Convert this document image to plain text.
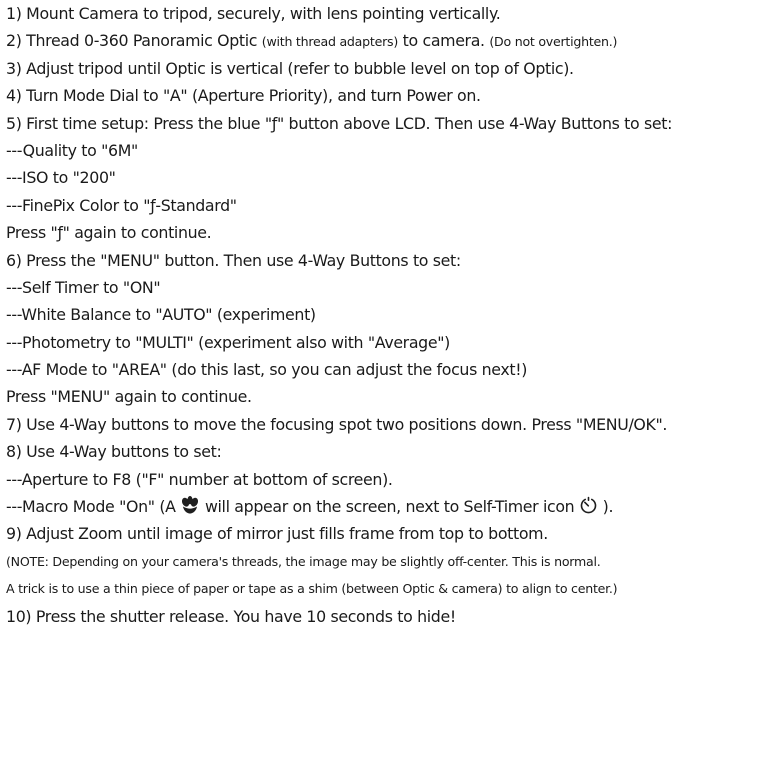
1) Mount Camera to tripod, securely, with lens pointing vertically.
2) Thread 0-360 Panoramic Optic (with thread adapters) to camera. (Do not overtighten.)
3) Adjust tripod until Optic is vertical (refer to bubble level on top of Optic).
4) Turn Mode Dial to "A" (Aperture Priority), and turn Power on.
5) First time setup: Press the blue "ƒ" button above LCD. Then use 4-Way Buttons to set:
---Quality to "6M"
---ISO to "200"
---FinePix Color to "ƒ-Standard"
Press "ƒ" again to continue.
6) Press the "MENU" button. Then use 4-Way Buttons to set:
---Self Timer to "ON"
---White Balance to "AUTO" (experiment)
---Photometry to "MULTI" (experiment also with "Average")
---AF Mode to "AREA" (do this last, so you can adjust the focus next!)
Press "MENU" again to continue.
7) Use 4-Way buttons to move the focusing spot two positions down. Press "MENU/OK".
8) Use 4-Way buttons to set:
---Aperture to F8 ("F" number at bottom of screen).
---Macro Mode "On" (A  will appear on the screen, next to Self-Timer icon  ).
9) Adjust Zoom until image of mirror just fills frame from top to bottom.
(NOTE: Depending on your camera's threads, the image may be slightly off-center. This is normal.
A trick is to use a thin piece of paper or tape as a shim (between Optic & camera) to align to center.)
10) Press the shutter release. You have 10 seconds to hide!
